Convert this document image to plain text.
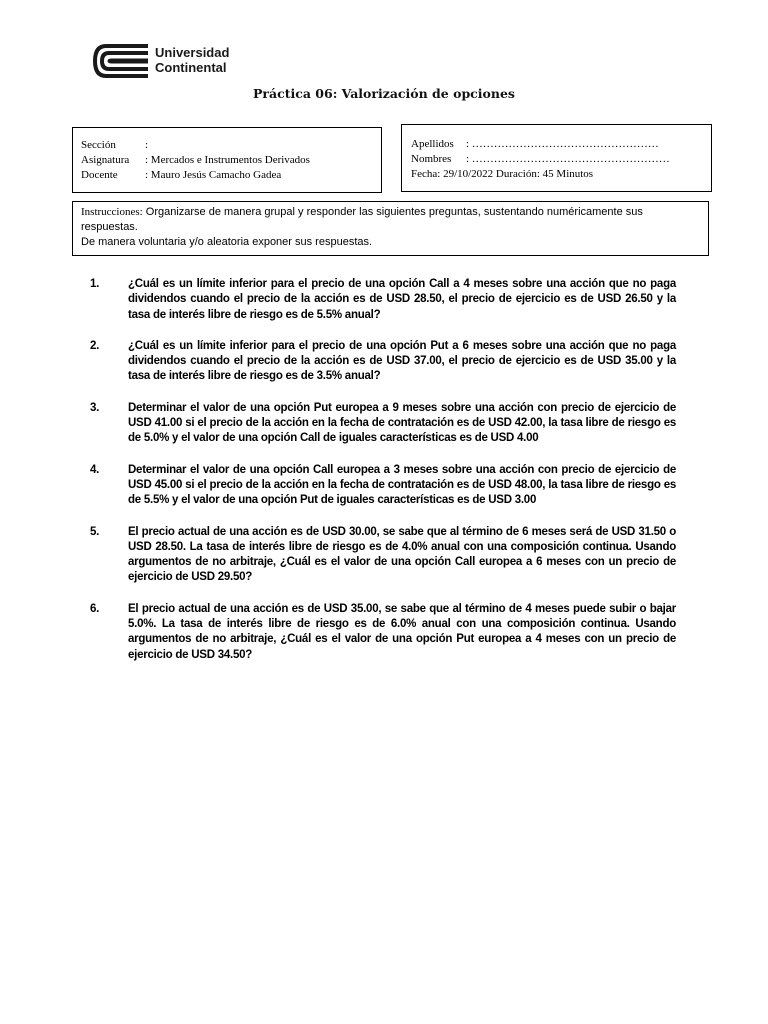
Universidad
Continental
Práctica 06: Valorización de opciones
Sección	:
Asignatura	: Mercados e Instrumentos Derivados
Docente	: Mauro Jesús Camacho Gadea
Apellidos	: ……………………………………………
Nombres	: ………………………………………………
Fecha: 29/10/2022 Duración: 45 Minutos
Instrucciones: Organizarse de manera grupal y responder las siguientes preguntas, sustentando numéricamente sus respuestas.
De manera voluntaria y/o aleatoria exponer sus respuestas.
1.	¿Cuál es un límite inferior para el precio de una opción Call a 4 meses sobre una acción que no paga dividendos cuando el precio de la acción es de USD 28.50, el precio de ejercicio es de USD 26.50 y la tasa de interés libre de riesgo es de 5.5% anual?
2.	¿Cuál es un límite inferior para el precio de una opción Put a 6 meses sobre una acción que no paga dividendos cuando el precio de la acción es de USD 37.00, el precio de ejercicio es de USD 35.00 y la tasa de interés libre de riesgo es de 3.5% anual?
3.	Determinar el valor de una opción Put europea a 9 meses sobre una acción con precio de ejercicio de USD 41.00 si el precio de la acción en la fecha de contratación es de USD 42.00, la tasa libre de riesgo es de 5.0% y el valor de una opción Call de iguales características es de USD 4.00
4.	Determinar el valor de una opción Call europea a 3 meses sobre una acción con precio de ejercicio de USD 45.00 si el precio de la acción en la fecha de contratación es de USD 48.00, la tasa libre de riesgo es de 5.5% y el valor de una opción Put de iguales características es de USD 3.00
5.	El precio actual de una acción es de USD 30.00, se sabe que al término de 6 meses será de USD 31.50 o USD 28.50. La tasa de interés libre de riesgo es de 4.0% anual con una composición continua. Usando argumentos de no arbitraje, ¿Cuál es el valor de una opción Call europea a 6 meses con un precio de ejercicio de USD 29.50?
6.	El precio actual de una acción es de USD 35.00, se sabe que al término de 4 meses puede subir o bajar 5.0%. La tasa de interés libre de riesgo es de 6.0% anual con una composición continua. Usando argumentos de no arbitraje, ¿Cuál es el valor de una opción Put europea a 4 meses con un precio de ejercicio de USD 34.50?
